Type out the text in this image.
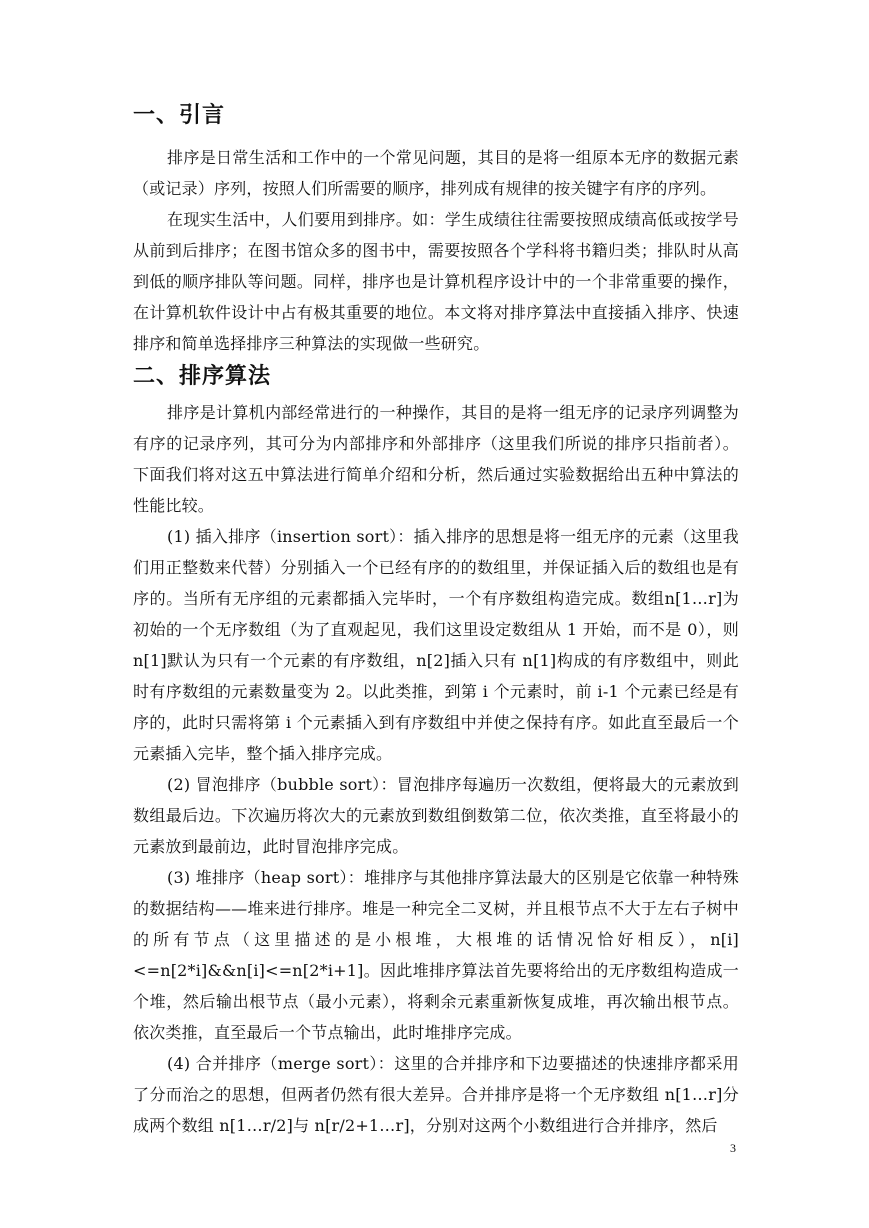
一、引言

排序是日常生活和工作中的一个常见问题，其目的是将一组原本无序的数据元素（或记录）序列，按照人们所需要的顺序，排列成有规律的按关键字有序的序列。

在现实生活中，人们要用到排序。如：学生成绩往往需要按照成绩高低或按学号从前到后排序；在图书馆众多的图书中，需要按照各个学科将书籍归类；排队时从高到低的顺序排队等问题。同样，排序也是计算机程序设计中的一个非常重要的操作，在计算机软件设计中占有极其重要的地位。本文将对排序算法中直接插入排序、快速排序和简单选择排序三种算法的实现做一些研究。

二、排序算法

排序是计算机内部经常进行的一种操作，其目的是将一组无序的记录序列调整为有序的记录序列，其可分为内部排序和外部排序（这里我们所说的排序只指前者）。下面我们将对这五中算法进行简单介绍和分析，然后通过实验数据给出五种中算法的性能比较。

(1) 插入排序（insertion sort）：插入排序的思想是将一组无序的元素（这里我们用正整数来代替）分别插入一个已经有序的的数组里，并保证插入后的数组也是有序的。当所有无序组的元素都插入完毕时，一个有序数组构造完成。数组n[1…r]为初始的一个无序数组（为了直观起见，我们这里设定数组从 1 开始，而不是 0），则 n[1]默认为只有一个元素的有序数组，n[2]插入只有 n[1]构成的有序数组中，则此时有序数组的元素数量变为 2。以此类推，到第 i 个元素时，前 i-1 个元素已经是有序的，此时只需将第 i 个元素插入到有序数组中并使之保持有序。如此直至最后一个元素插入完毕，整个插入排序完成。

(2) 冒泡排序（bubble sort）：冒泡排序每遍历一次数组，便将最大的元素放到数组最后边。下次遍历将次大的元素放到数组倒数第二位，依次类推，直至将最小的元素放到最前边，此时冒泡排序完成。

(3) 堆排序（heap sort）：堆排序与其他排序算法最大的区别是它依靠一种特殊的数据结构——堆来进行排序。堆是一种完全二叉树，并且根节点不大于左右子树中的所有节点（这里描述的是小根堆，大根堆的话情况恰好相反），n[i]<=n[2*i]&&n[i]<=n[2*i+1]。因此堆排序算法首先要将给出的无序数组构造成一个堆，然后输出根节点（最小元素），将剩余元素重新恢复成堆，再次输出根节点。依次类推，直至最后一个节点输出，此时堆排序完成。

(4) 合并排序（merge sort）：这里的合并排序和下边要描述的快速排序都采用了分而治之的思想，但两者仍然有很大差异。合并排序是将一个无序数组 n[1…r]分成两个数组 n[1…r/2]与 n[r/2+1…r]，分别对这两个小数组进行合并排序，然后

3
